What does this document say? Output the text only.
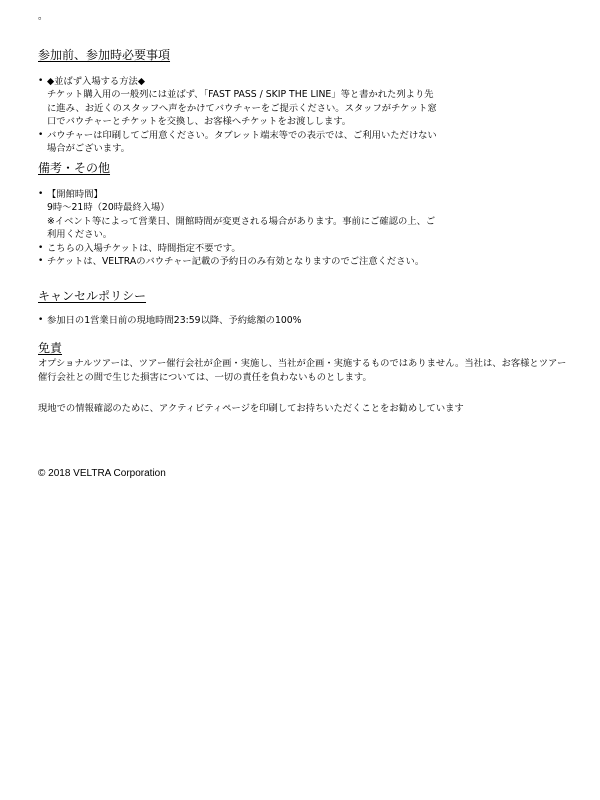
。
参加前、参加時必要事項
• ◆並ばず入場する方法◆
チケット購入用の一般列には並ばず、「FAST PASS / SKIP THE LINE」等と書かれた列より先に進み、お近くのスタッフへ声をかけてバウチャーをご提示ください。スタッフがチケット窓口でバウチャーとチケットを交換し、お客様へチケットをお渡しします。
• バウチャーは印刷してご用意ください。タブレット端末等での表示では、ご利用いただけない場合がございます。
備考・その他
• 【開館時間】
9時～21時（20時最終入場）
※イベント等によって営業日、開館時間が変更される場合があります。事前にご確認の上、ご利用ください。
• こちらの入場チケットは、時間指定不要です。
• チケットは、VELTRAのバウチャー記載の予約日のみ有効となりますのでご注意ください。
キャンセルポリシー
• 参加日の1営業日前の現地時間23:59以降、予約総額の100%
免責

オプショナルツアーは、ツアー催行会社が企画・実施し、当社が企画・実施するものではありません。当社は、お客様とツアー催行会社との間で生じた損害については、一切の責任を負わないものとします。

現地での情報確認のために、アクティビティページを印刷してお持ちいただくことをお勧めしています

© 2018 VELTRA Corporation
